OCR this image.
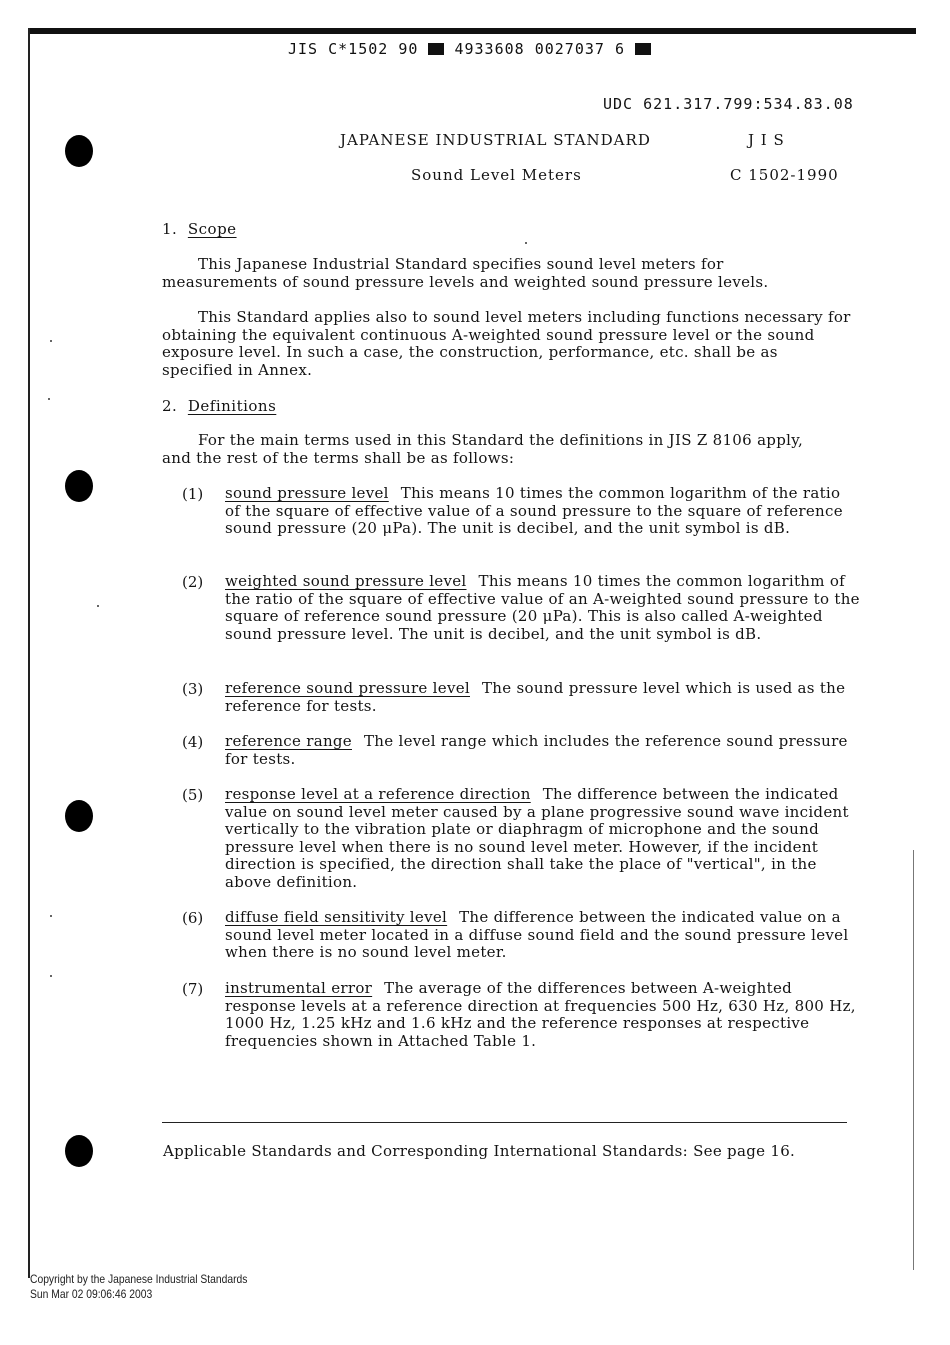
JIS C*1502 90 4933608 0027037 6
UDC 621.317.799:534.83.08
JAPANESE INDUSTRIAL STANDARD	J I S
Sound Level Meters	C 1502-1990
1. Scope
This Japanese Industrial Standard specifies sound level meters for measurements of sound pressure levels and weighted sound pressure levels.
This Standard applies also to sound level meters including functions necessary for obtaining the equivalent continuous A-weighted sound pressure level or the sound exposure level. In such a case, the construction, performance, etc. shall be as specified in Annex.
2. Definitions
For the main terms used in this Standard the definitions in JIS Z 8106 apply, and the rest of the terms shall be as follows:
(1) sound pressure level This means 10 times the common logarithm of the ratio of the square of effective value of a sound pressure to the square of reference sound pressure (20 μPa). The unit is decibel, and the unit symbol is dB.
(2) weighted sound pressure level This means 10 times the common logarithm of the ratio of the square of effective value of an A-weighted sound pressure to the square of reference sound pressure (20 μPa). This is also called A-weighted sound pressure level. The unit is decibel, and the unit symbol is dB.
(3) reference sound pressure level The sound pressure level which is used as the reference for tests.
(4) reference range The level range which includes the reference sound pressure for tests.
(5) response level at a reference direction The difference between the indicated value on sound level meter caused by a plane progressive sound wave incident vertically to the vibration plate or diaphragm of microphone and the sound pressure level when there is no sound level meter. However, if the incident direction is specified, the direction shall take the place of "vertical", in the above definition.
(6) diffuse field sensitivity level The difference between the indicated value on a sound level meter located in a diffuse sound field and the sound pressure level when there is no sound level meter.
(7) instrumental error The average of the differences between A-weighted response levels at a reference direction at frequencies 500 Hz, 630 Hz, 800 Hz, 1000 Hz, 1.25 kHz and 1.6 kHz and the reference responses at respective frequencies shown in Attached Table 1.
Applicable Standards and Corresponding International Standards: See page 16.
Copyright by the Japanese Industrial Standards
Sun Mar 02 09:06:46 2003
